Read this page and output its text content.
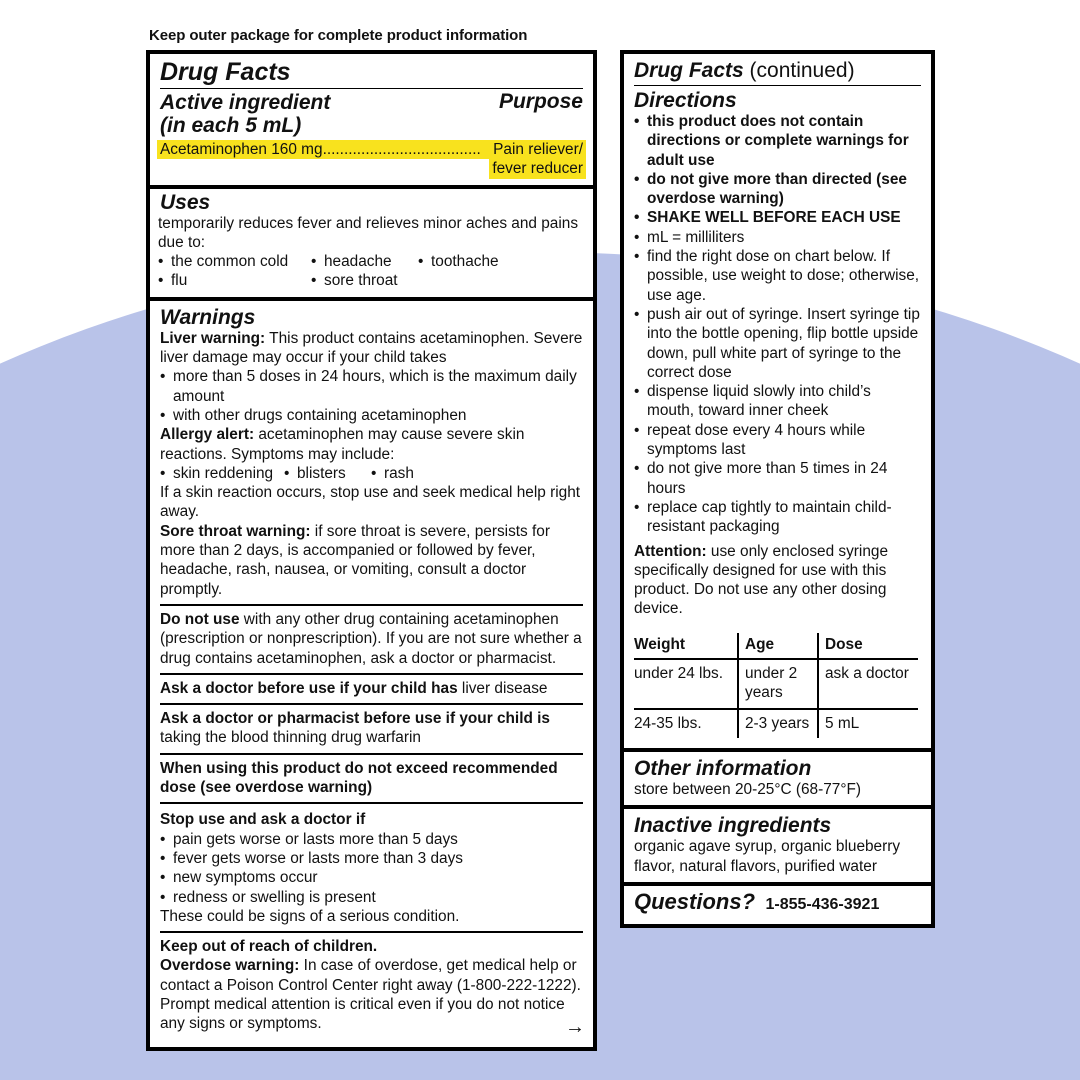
Keep outer package for complete product information
Drug Facts
Active ingredient
(in each 5 mL)
Purpose
Acetaminophen 160 mg..................................... Pain reliever/
fever reducer
Uses
temporarily reduces fever and relieves minor aches and pains due to:
• the common cold	• headache	• toothache
• flu	• sore throat
Warnings
Liver warning: This product contains acetaminophen. Severe liver damage may occur if your child takes
• more than 5 doses in 24 hours, which is the maximum daily amount
• with other drugs containing acetaminophen
Allergy alert: acetaminophen may cause severe skin reactions. Symptoms may include:
• skin reddening	• blisters	• rash
If a skin reaction occurs, stop use and seek medical help right away.
Sore throat warning: if sore throat is severe, persists for more than 2 days, is accompanied or followed by fever, headache, rash, nausea, or vomiting, consult a doctor promptly.
Do not use with any other drug containing acetaminophen (prescription or nonprescription). If you are not sure whether a drug contains acetaminophen, ask a doctor or pharmacist.
Ask a doctor before use if your child has liver disease
Ask a doctor or pharmacist before use if your child is taking the blood thinning drug warfarin
When using this product do not exceed recommended dose (see overdose warning)
Stop use and ask a doctor if
• pain gets worse or lasts more than 5 days
• fever gets worse or lasts more than 3 days
• new symptoms occur
• redness or swelling is present
These could be signs of a serious condition.
Keep out of reach of children.
Overdose warning: In case of overdose, get medical help or contact a Poison Control Center right away (1-800-222-1222). Prompt medical attention is critical even if you do not notice any signs or symptoms.	→
Drug Facts (continued)
Directions
• this product does not contain directions or complete warnings for adult use
• do not give more than directed (see overdose warning)
• SHAKE WELL BEFORE EACH USE
• mL = milliliters
• find the right dose on chart below. If possible, use weight to dose; otherwise, use age.
• push air out of syringe. Insert syringe tip into the bottle opening, flip bottle upside down, pull white part of syringe to the correct dose
• dispense liquid slowly into child’s mouth, toward inner cheek
• repeat dose every 4 hours while symptoms last
• do not give more than 5 times in 24 hours
• replace cap tightly to maintain child-resistant packaging
Attention: use only enclosed syringe specifically designed for use with this product. Do not use any other dosing device.
Weight	Age	Dose
under 24 lbs.	under 2 years	ask a doctor
24-35 lbs.	2-3 years	5 mL
Other information
store between 20-25°C (68-77°F)
Inactive ingredients
organic agave syrup, organic blueberry flavor, natural flavors, purified water
Questions? 1-855-436-3921
